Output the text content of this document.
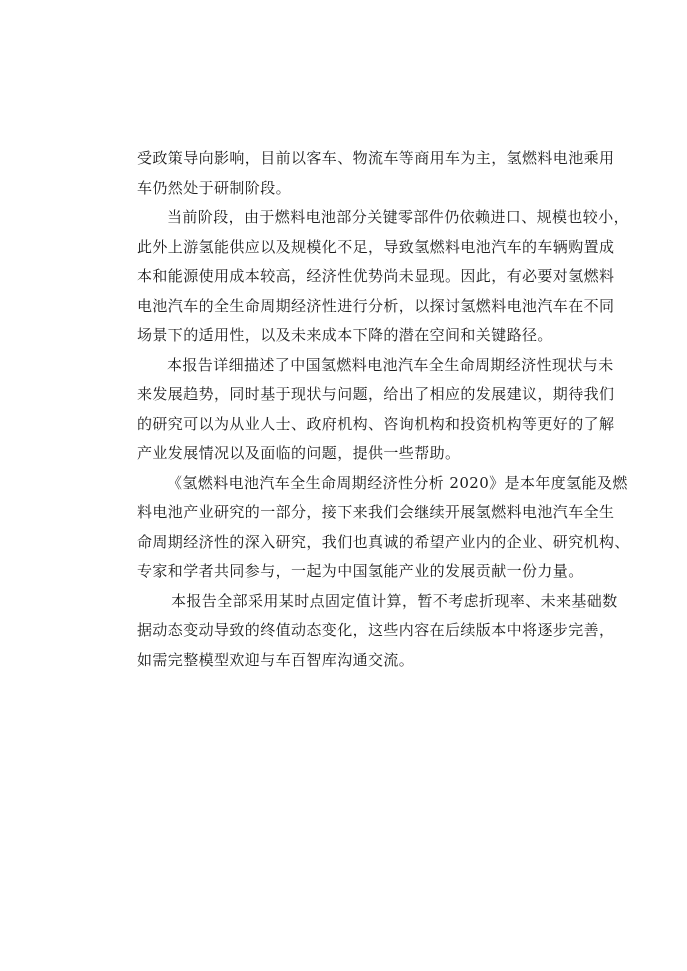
受政策导向影响，目前以客车、物流车等商用车为主，氢燃料电池乘用
车仍然处于研制阶段。
当前阶段，由于燃料电池部分关键零部件仍依赖进口、规模也较小，
此外上游氢能供应以及规模化不足，导致氢燃料电池汽车的车辆购置成
本和能源使用成本较高，经济性优势尚未显现。因此，有必要对氢燃料
电池汽车的全生命周期经济性进行分析，以探讨氢燃料电池汽车在不同
场景下的适用性，以及未来成本下降的潜在空间和关键路径。
本报告详细描述了中国氢燃料电池汽车全生命周期经济性现状与未
来发展趋势，同时基于现状与问题，给出了相应的发展建议，期待我们
的研究可以为从业人士、政府机构、咨询机构和投资机构等更好的了解
产业发展情况以及面临的问题，提供一些帮助。
《氢燃料电池汽车全生命周期经济性分析 2020》是本年度氢能及燃
料电池产业研究的一部分，接下来我们会继续开展氢燃料电池汽车全生
命周期经济性的深入研究，我们也真诚的希望产业内的企业、研究机构、
专家和学者共同参与，一起为中国氢能产业的发展贡献一份力量。
本报告全部采用某时点固定值计算，暂不考虑折现率、未来基础数
据动态变动导致的终值动态变化，这些内容在后续版本中将逐步完善，
如需完整模型欢迎与车百智库沟通交流。
